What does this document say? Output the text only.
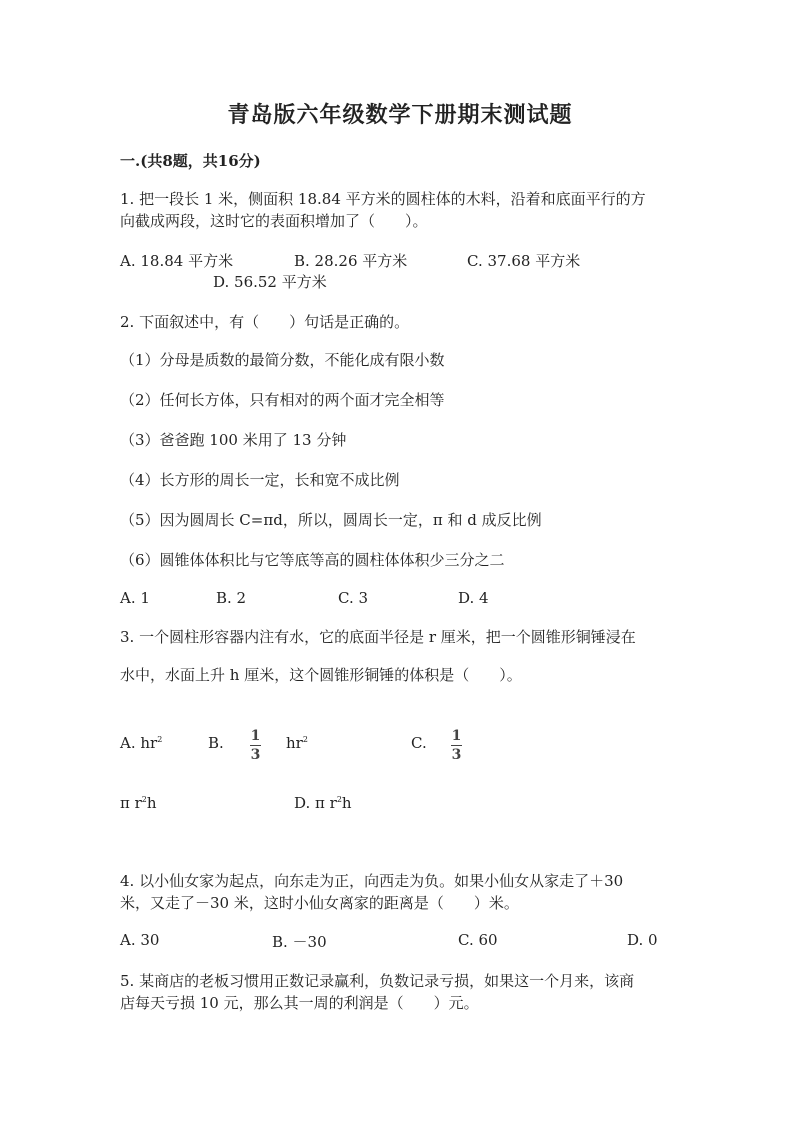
青岛版六年级数学下册期末测试题
一.(共8题，共16分)
1. 把一段长 1 米，侧面积 18.84 平方米的圆柱体的木料，沿着和底面平行的方
向截成两段，这时它的表面积增加了（　　）。
A. 18.84 平方米	B. 28.26 平方米	C. 37.68 平方米
D. 56.52 平方米
2. 下面叙述中，有（　　）句话是正确的。
（1）分母是质数的最简分数，不能化成有限小数
（2）任何长方体，只有相对的两个面才完全相等
（3）爸爸跑 100 米用了 13 分钟
（4）长方形的周长一定，长和宽不成比例
（5）因为圆周长 C=πd，所以，圆周长一定，π 和 d 成反比例
（6）圆锥体体积比与它等底等高的圆柱体体积少三分之二
A. 1	B. 2	C. 3	D. 4
3. 一个圆柱形容器内注有水，它的底面半径是 r 厘米，把一个圆锥形铜锤浸在
水中，水面上升 h 厘米，这个圆锥形铜锤的体积是（　　）。
A. $hr^2$	B. 1
3
$hr^2$	C. 1
3
π $r^2h$	D. π $r^2h$
4. 以小仙女家为起点，向东走为正，向西走为负。如果小仙女从家走了＋30
米，又走了－30 米，这时小仙女离家的距离是（　　）米。
A. 30	B. －30	C. 60	D. 0
5. 某商店的老板习惯用正数记录赢利，负数记录亏损，如果这一个月来，该商
店每天亏损 10 元，那么其一周的利润是（　　）元。
